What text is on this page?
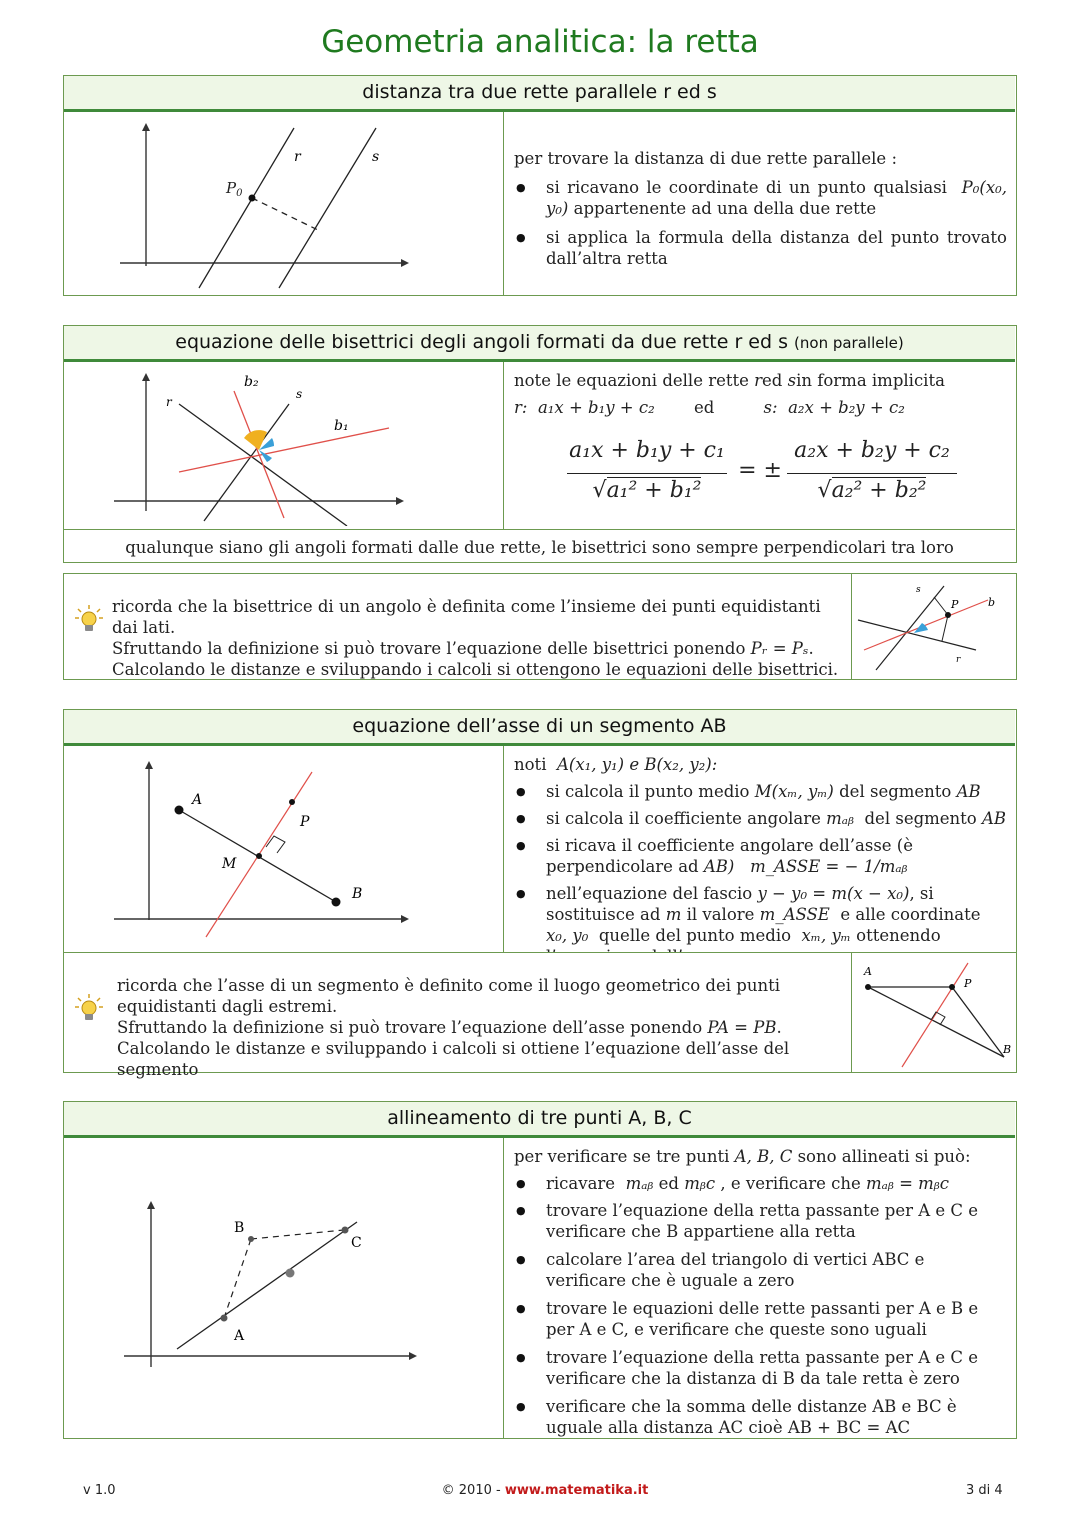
Geometria analitica: la retta
distanza tra due rette parallele r ed s
$P_0$
r	s	per trovare la distanza di due rette parallele :
● si ricavano le coordinate di un punto qualsiasi P₀(x₀, y₀) appartenente ad una della due rette
● si applica la formula della distanza del punto trovato dall’altra retta
equazione delle bisettrici degli angoli formati da due rette r ed s (non parallele)
r
b₂
s
b₁
note le equazioni delle rette red sin forma implicita
r: a₁x + b₁y + c₂ ed	s: a₂x + b₂y + c₂
a₁x + b₁y + c₁
√a₁² + b₁²
= ±
a₂x + b₂y + c₂
√a₂² + b₂²
qualunque siano gli angoli formati dalle due rette, le bisettrici sono sempre perpendicolari tra loro
ricorda che la bisettrice di un angolo è definita come l’insieme dei punti equidistanti dai lati.
Sfruttando la definizione si può trovare l’equazione delle bisettrici ponendo Pᵣ = Pₛ.
Calcolando le distanze e sviluppando i calcoli si ottengono le equazioni delle bisettrici.
s
P	b
r
equazione dell’asse di un segmento AB
A
B
M
P
noti A(x₁, y₁) e B(x₂, y₂):
● si calcola il punto medio M(xₘ, yₘ) del segmento AB
● si calcola il coefficiente angolare mₐᵦ del segmento AB
● si ricava il coefficiente angolare dell’asse (è perpendicolare ad AB) m_ASSE = − 1/mₐᵦ
● nell’equazione del fascio y − y₀ = m(x − x₀), si sostituisce ad m il valore m_ASSE e alle coordinate  x₀, y₀ quelle del punto medio xₘ, yₘ ottenendo
ricorda che l’asse di un segmento è definito come il luogo geometrico dei punti equidistanti dagli estremi.
Sfruttando la definizione si può trovare l’equazione dell’asse ponendo PA = PB.
Calcolando le distanze e sviluppando i calcoli si ottiene l’equazione dell’asse del segmento
A
P
B
allineamento di tre punti A, B, C
A
B
C
per verificare se tre punti A, B, C sono allineati si può:
● ricavare mₐᵦ ed mᵦc , e verificare che mₐᵦ = mᵦc
● trovare l’equazione della retta passante per A e C e verificare che B appartiene alla retta
● calcolare l’area del triangolo di vertici ABC e verificare che è uguale a zero
● trovare le equazioni delle rette passanti per A e B e per A e C, e verificare che queste sono uguali
● trovare l’equazione della retta passante per A e C e verificare che la distanza di B da tale retta è zero
● verificare che la somma delle distanze AB e BC è uguale alla distanza AC cioè AB + BC = AC
v 1.0	© 2010 - www.matematika.it	3 di 4
